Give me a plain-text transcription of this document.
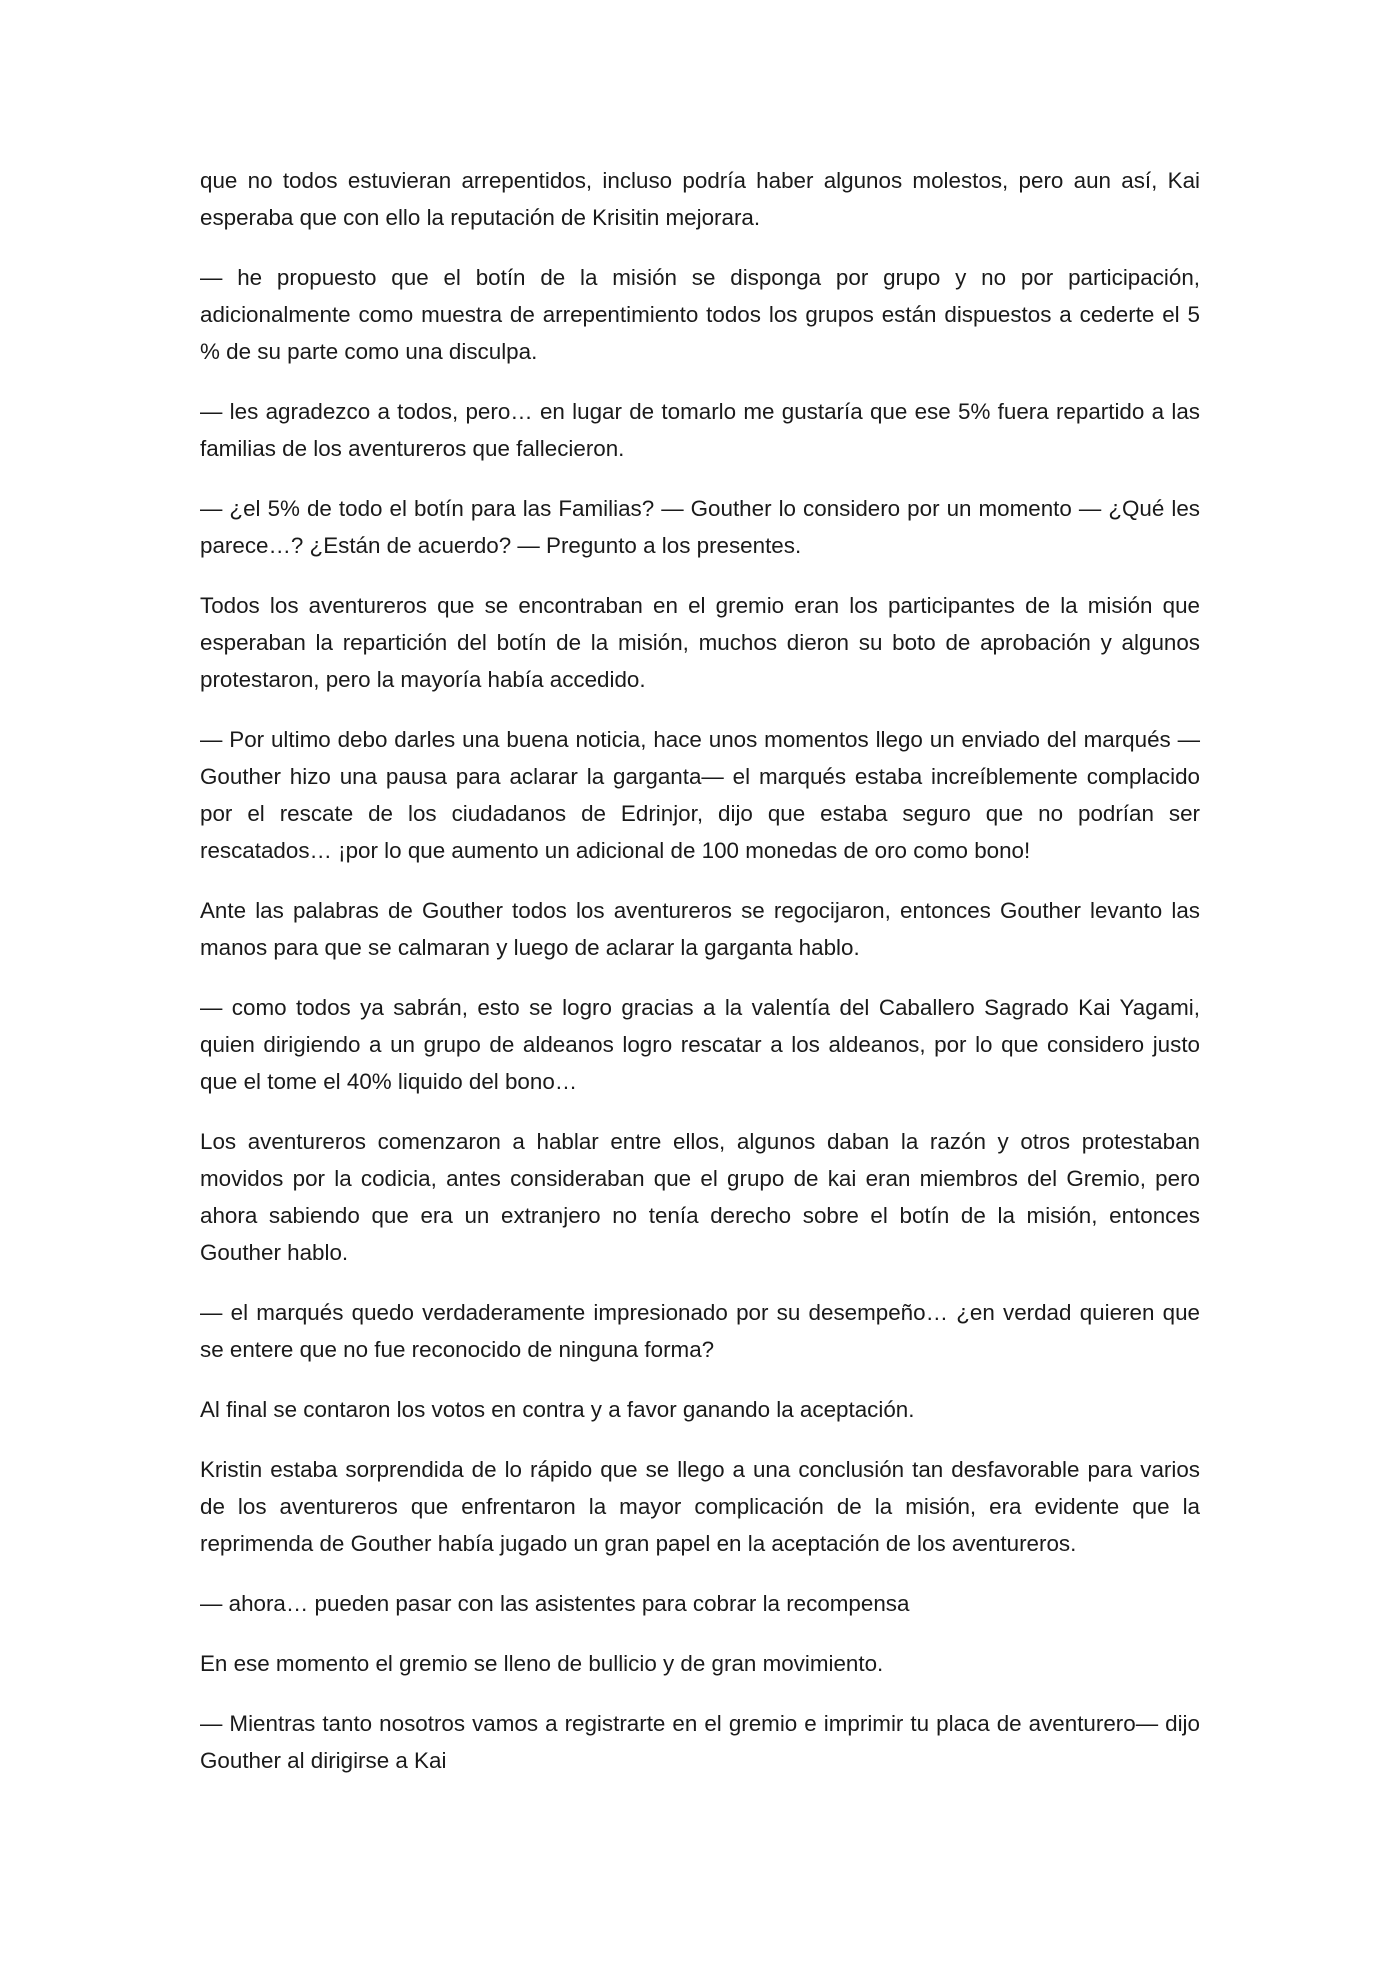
que no todos estuvieran arrepentidos, incluso podría haber algunos molestos, pero aun así, Kai esperaba que con ello la reputación de Krisitin mejorara.

— he propuesto que el botín de la misión se disponga por grupo y no por participación, adicionalmente como muestra de arrepentimiento todos los grupos están dispuestos a cederte el 5 % de su parte como una disculpa.

— les agradezco a todos, pero… en lugar de tomarlo me gustaría que ese 5% fuera repartido a las familias de los aventureros que fallecieron.

— ¿el 5% de todo el botín para las Familias? — Gouther lo considero por un momento — ¿Qué les parece…? ¿Están de acuerdo? — Pregunto a los presentes.

Todos los aventureros que se encontraban en el gremio eran los participantes de la misión que esperaban la repartición del botín de la misión, muchos dieron su boto de aprobación y algunos protestaron, pero la mayoría había accedido.

— Por ultimo debo darles una buena noticia, hace unos momentos llego un enviado del marqués — Gouther hizo una pausa para aclarar la garganta— el marqués estaba increíblemente complacido por el rescate de los ciudadanos de Edrinjor, dijo que estaba seguro que no podrían ser rescatados… ¡por lo que aumento un adicional de 100 monedas de oro como bono!

Ante las palabras de Gouther todos los aventureros se regocijaron, entonces Gouther levanto las manos para que se calmaran y luego de aclarar la garganta hablo.

— como todos ya sabrán, esto se logro gracias a la valentía del Caballero Sagrado Kai Yagami, quien dirigiendo a un grupo de aldeanos logro rescatar a los aldeanos, por lo que considero justo que el tome el 40% liquido del bono…

Los aventureros comenzaron a hablar entre ellos, algunos daban la razón y otros protestaban movidos por la codicia, antes consideraban que el grupo de kai eran miembros del Gremio, pero ahora sabiendo que era un extranjero no tenía derecho sobre el botín de la misión, entonces Gouther hablo.

— el marqués quedo verdaderamente impresionado por su desempeño… ¿en verdad quieren que se entere que no fue reconocido de ninguna forma?

Al final se contaron los votos en contra y a favor ganando la aceptación.

Kristin estaba sorprendida de lo rápido que se llego a una conclusión tan desfavorable para varios de los aventureros que enfrentaron la mayor complicación de la misión, era evidente que la reprimenda de Gouther había jugado un gran papel en la aceptación de los aventureros.

— ahora… pueden pasar con las asistentes para cobrar la recompensa

En ese momento el gremio se lleno de bullicio y de gran movimiento.

— Mientras tanto nosotros vamos a registrarte en el gremio e imprimir tu placa de aventurero— dijo Gouther al dirigirse a Kai
